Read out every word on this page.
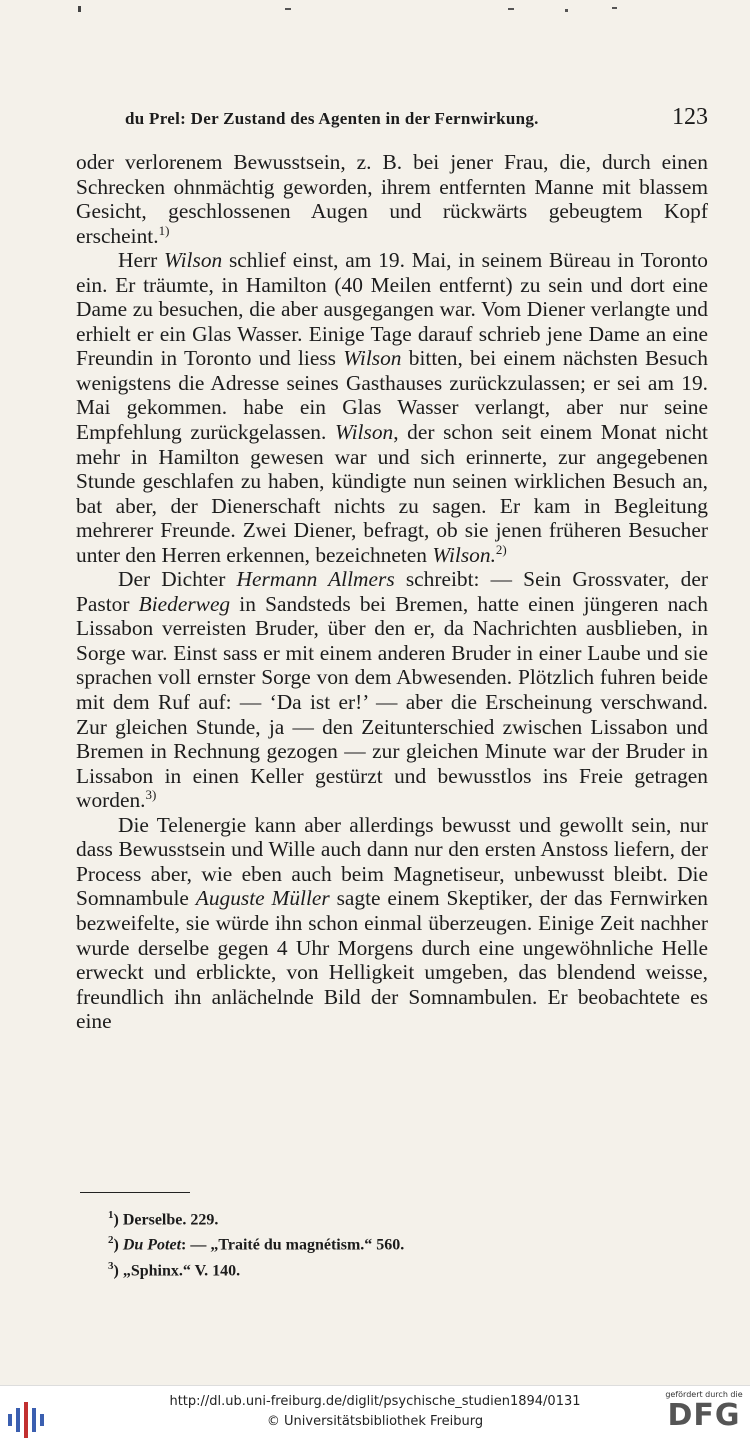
du Prel: Der Zustand des Agenten in der Fernwirkung.	123

oder verlorenem Bewusstsein, z. B. bei jener Frau, die, durch einen Schrecken ohnmächtig geworden, ihrem entfernten Manne mit blassem Gesicht, geschlossenen Augen und rückwärts gebeugtem Kopf erscheint.$^{1)}$

Herr Wilson schlief einst, am 19. Mai, in seinem Büreau in Toronto ein. Er träumte, in Hamilton (40 Meilen entfernt) zu sein und dort eine Dame zu besuchen, die aber ausgegangen war. Vom Diener verlangte und erhielt er ein Glas Wasser. Einige Tage darauf schrieb jene Dame an eine Freundin in Toronto und liess Wilson bitten, bei einem nächsten Besuch wenigstens die Adresse seines Gasthauses zurückzulassen; er sei am 19. Mai gekommen. habe ein Glas Wasser verlangt, aber nur seine Empfehlung zurückgelassen. Wilson, der schon seit einem Monat nicht mehr in Hamilton gewesen war und sich erinnerte, zur angegebenen Stunde geschlafen zu haben, kündigte nun seinen wirklichen Besuch an, bat aber, der Dienerschaft nichts zu sagen. Er kam in Begleitung mehrerer Freunde. Zwei Diener, befragt, ob sie jenen früheren Besucher unter den Herren erkennen, bezeichneten Wilson.$^{2)}$

Der Dichter Hermann Allmers schreibt: — Sein Grossvater, der Pastor Biederweg in Sandsteds bei Bremen, hatte einen jüngeren nach Lissabon verreisten Bruder, über den er, da Nachrichten ausblieben, in Sorge war. Einst sass er mit einem anderen Bruder in einer Laube und sie sprachen voll ernster Sorge von dem Abwesenden. Plötzlich fuhren beide mit dem Ruf auf: — ‘Da ist er!’ — aber die Erscheinung verschwand. Zur gleichen Stunde, ja — den Zeitunterschied zwischen Lissabon und Bremen in Rechnung gezogen — zur gleichen Minute war der Bruder in Lissabon in einen Keller gestürzt und bewusstlos ins Freie getragen worden.$^{3)}$

Die Telenergie kann aber allerdings bewusst und gewollt sein, nur dass Bewusstsein und Wille auch dann nur den ersten Anstoss liefern, der Process aber, wie eben auch beim Magnetiseur, unbewusst bleibt. Die Somnambule Auguste Müller sagte einem Skeptiker, der das Fernwirken bezweifelte, sie würde ihn schon einmal überzeugen. Einige Zeit nachher wurde derselbe gegen 4 Uhr Morgens durch eine ungewöhnliche Helle erweckt und erblickte, von Helligkeit umgeben, das blendend weisse, freundlich ihn anlächelnde Bild der Somnambulen. Er beobachtete es eine

$^1$) Derselbe. 229.
$^2$) Du Potet: — „Traité du magnétism.“ 560.
$^3$) „Sphinx.“ V. 140.
http://dl.ub.uni-freiburg.de/diglit/psychische_studien1894/0131
© Universitätsbibliothek Freiburg
gefördert durch die
DFG
